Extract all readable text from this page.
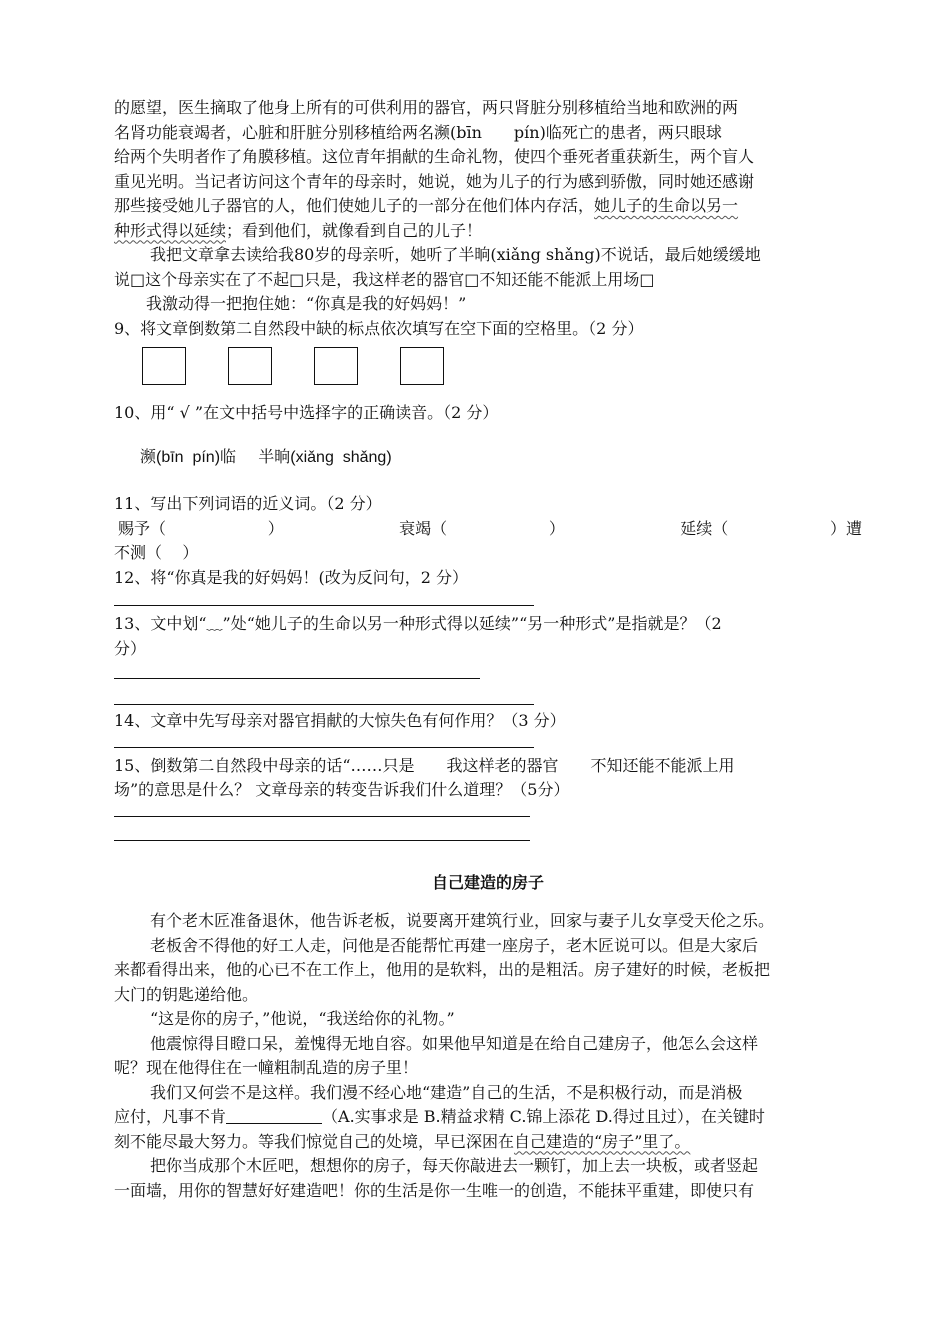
的愿望，医生摘取了他身上所有的可供利用的器官，两只肾脏分别移植给当地和欧洲的两
名肾功能衰竭者，心脏和肝脏分别移植给两名濒(bīn　　pín)临死亡的患者，两只眼球
给两个失明者作了角膜移植。这位青年捐献的生命礼物，使四个垂死者重获新生，两个盲人
重见光明。当记者访问这个青年的母亲时，她说，她为儿子的行为感到骄傲，同时她还感谢
那些接受她儿子器官的人，他们使她儿子的一部分在他们体内存活，她儿子的生命以另一
种形式得以延续；看到他们，就像看到自己的儿子！
我把文章拿去读给我80岁的母亲听，她听了半晌(xiǎng shǎng)不说话，最后她缓缓地
说□这个母亲实在了不起□只是，我这样老的器官□不知还能不能派上用场□
我激动得一把抱住她：“你真是我的好妈妈！”
9、将文章倒数第二自然段中缺的标点依次填写在空下面的空格里。（2 分）
10、用“ √ ”在文中括号中选择字的正确读音。（2 分）
濒(bīn  pín)临     半晌(xiǎng  shǎng)
11、写出下列词语的近义词。（2 分）
赐予（                    ）	衰竭（                    ）	延续（                    ）遭
不测（    ）
12、将“你真是我的好妈妈！(改为反问句，2 分）
13、文中划“﹏”处“她儿子的生命以另一种形式得以延续”“另一种形式”是指就是？（2
分）
14、文章中先写母亲对器官捐献的大惊失色有何作用？（3 分）
15、倒数第二自然段中母亲的话“……只是　　我这样老的器官　　不知还能不能派上用
场”的意思是什么？ 文章母亲的转变告诉我们什么道理？（5分）
自己建造的房子
有个老木匠准备退休，他告诉老板，说要离开建筑行业，回家与妻子儿女享受天伦之乐。
老板舍不得他的好工人走，问他是否能帮忙再建一座房子，老木匠说可以。但是大家后
来都看得出来，他的心已不在工作上，他用的是软料，出的是粗活。房子建好的时候，老板把
大门的钥匙递给他。
“这是你的房子，”他说，“我送给你的礼物。”
他震惊得目瞪口呆，羞愧得无地自容。如果他早知道是在给自己建房子，他怎么会这样
呢？现在他得住在一幢粗制乱造的房子里！
我们又何尝不是这样。我们漫不经心地“建造”自己的生活，不是积极行动，而是消极
应付，凡事不肯	（A.实事求是 B.精益求精 C.锦上添花 D.得过且过），在关键时
刻不能尽最大努力。等我们惊觉自己的处境，早已深困在自己建造的“房子”里了。
把你当成那个木匠吧，想想你的房子，每天你敲进去一颗钉，加上去一块板，或者竖起
一面墙，用你的智慧好好建造吧！你的生活是你一生唯一的创造，不能抹平重建，即使只有
